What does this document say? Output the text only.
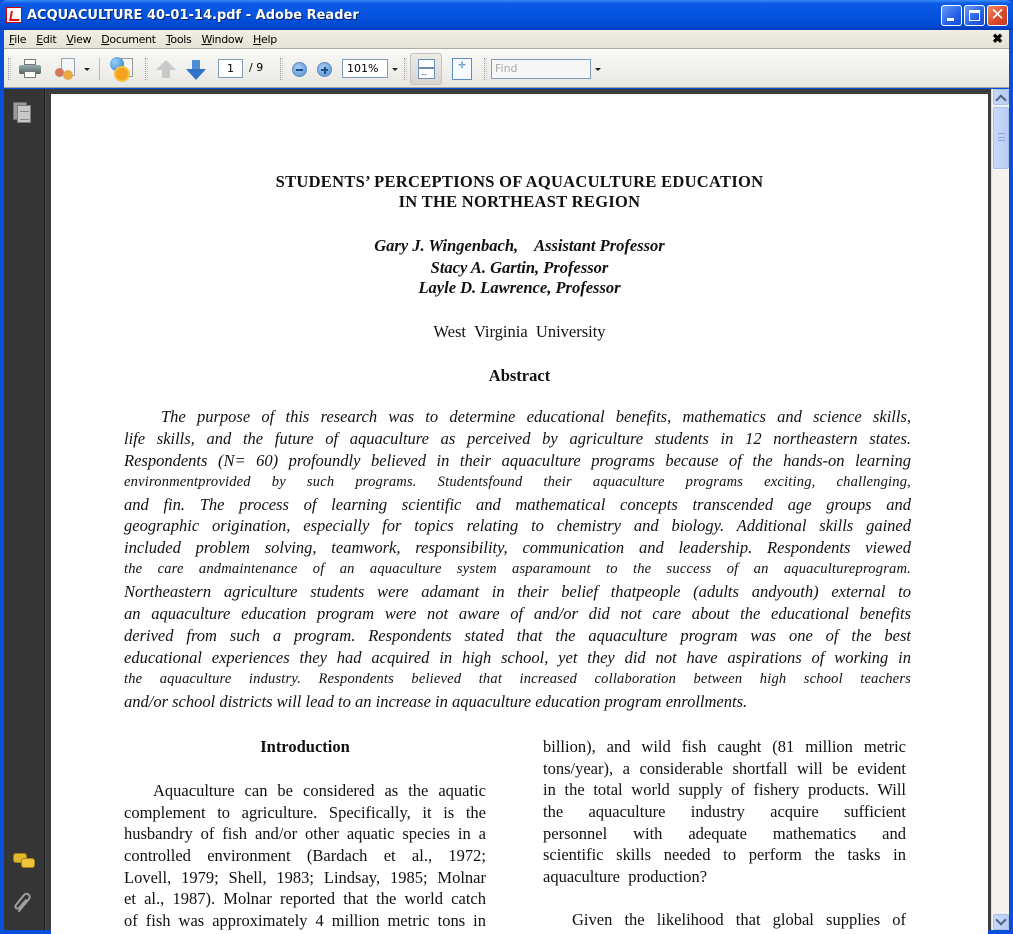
ACQUACULTURE 40-01-14.pdf - Adobe Reader	✕
File Edit View Document Tools Window Help	✖
1	/ 9	101%	↔
✛	Find
STUDENTS’ PERCEPTIONS OF AQUACULTURE EDUCATION
IN THE NORTHEAST REGION
Gary J. Wingenbach,    Assistant Professor
Stacy A. Gartin, Professor
Layle D. Lawrence, Professor
West  Virginia  University
Abstract
The purpose of this research was to determine educational benefits, mathematics and science skills,
life skills, and the future of aquaculture as perceived by agriculture students in 12 northeastern states.
Respondents (N= 60) profoundly believed in their aquaculture programs because of the hands-on learning
environmentprovided by such programs. Studentsfound their aquaculture programs exciting, challenging,
and fin. The process of learning scientific and mathematical concepts transcended age groups and
geographic origination, especially for topics relating to chemistry and biology. Additional skills gained
included problem solving, teamwork, responsibility, communication and leadership. Respondents viewed
the care andmaintenance of an aquaculture system asparamount to the success of an aquacultureprogram.
Northeastern agriculture students were adamant in their belief thatpeople (adults andyouth) external to
an aquaculture education program were not aware of and/or did not care about the educational benefits
derived from such a program. Respondents stated that the aquaculture program was one of the best
educational experiences they had acquired in high school, yet they did not have aspirations of working in
the aquaculture industry. Respondents believed that increased collaboration between high school teachers
and/or school districts will lead to an increase in aquaculture education program enrollments.
Introduction
Aquaculture can be considered as the aquatic
complement to agriculture. Specifically, it is the
husbandry of fish and/or other aquatic species in a
controlled environment (Bardach et al., 1972;
Lovell, 1979; Shell, 1983; Lindsay, 1985; Molnar
et al., 1987). Molnar reported that the world catch
of fish was approximately 4 million metric tons in
billion), and wild fish caught (81 million metric
tons/year), a considerable shortfall will be evident
in the total world supply of fishery products. Will
the aquaculture industry acquire sufficient
personnel with adequate mathematics and
scientific skills needed to perform the tasks in
aquaculture  production?
Given the likelihood that global supplies of
